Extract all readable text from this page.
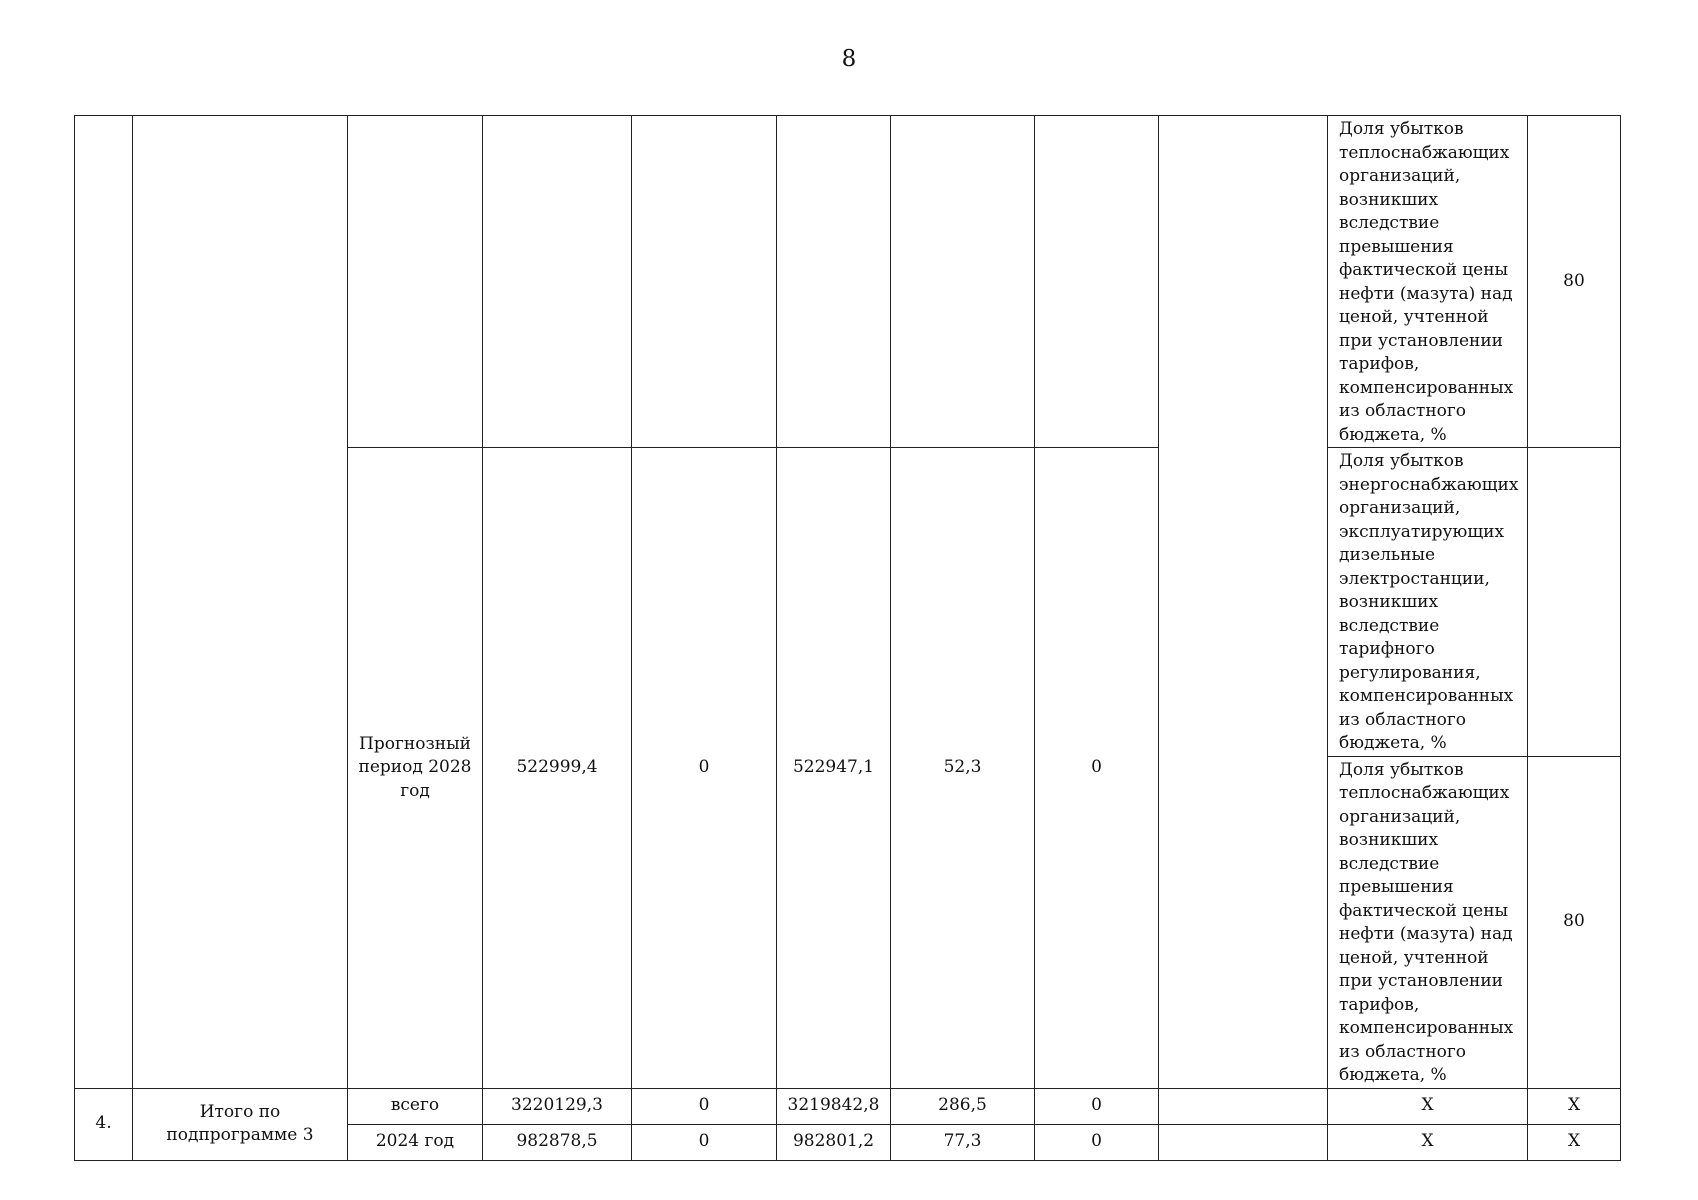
8
									Доля убытков теплоснабжающих организаций, возникших вследствие превышения фактической цены нефти (мазута) над ценой, учтенной при установлении тарифов, компенсированных из областного бюджета, %	80
		Прогнозный период 2028 год	522999,4	0	522947,1	52,3	0		Доля убытков энергоснабжающих организаций, эксплуатирующих дизельные электростанции, возникших вследствие тарифного регулирования, компенсированных из областного бюджета, %	
									Доля убытков теплоснабжающих организаций, возникших вследствие превышения фактической цены нефти (мазута) над ценой, учтенной при установлении тарифов, компенсированных из областного бюджета, %	80
4.	Итого по подпрограмме 3	всего	3220129,3	0	3219842,8	286,5	0		Х	Х
		2024 год	982878,5	0	982801,2	77,3	0		Х	Х
